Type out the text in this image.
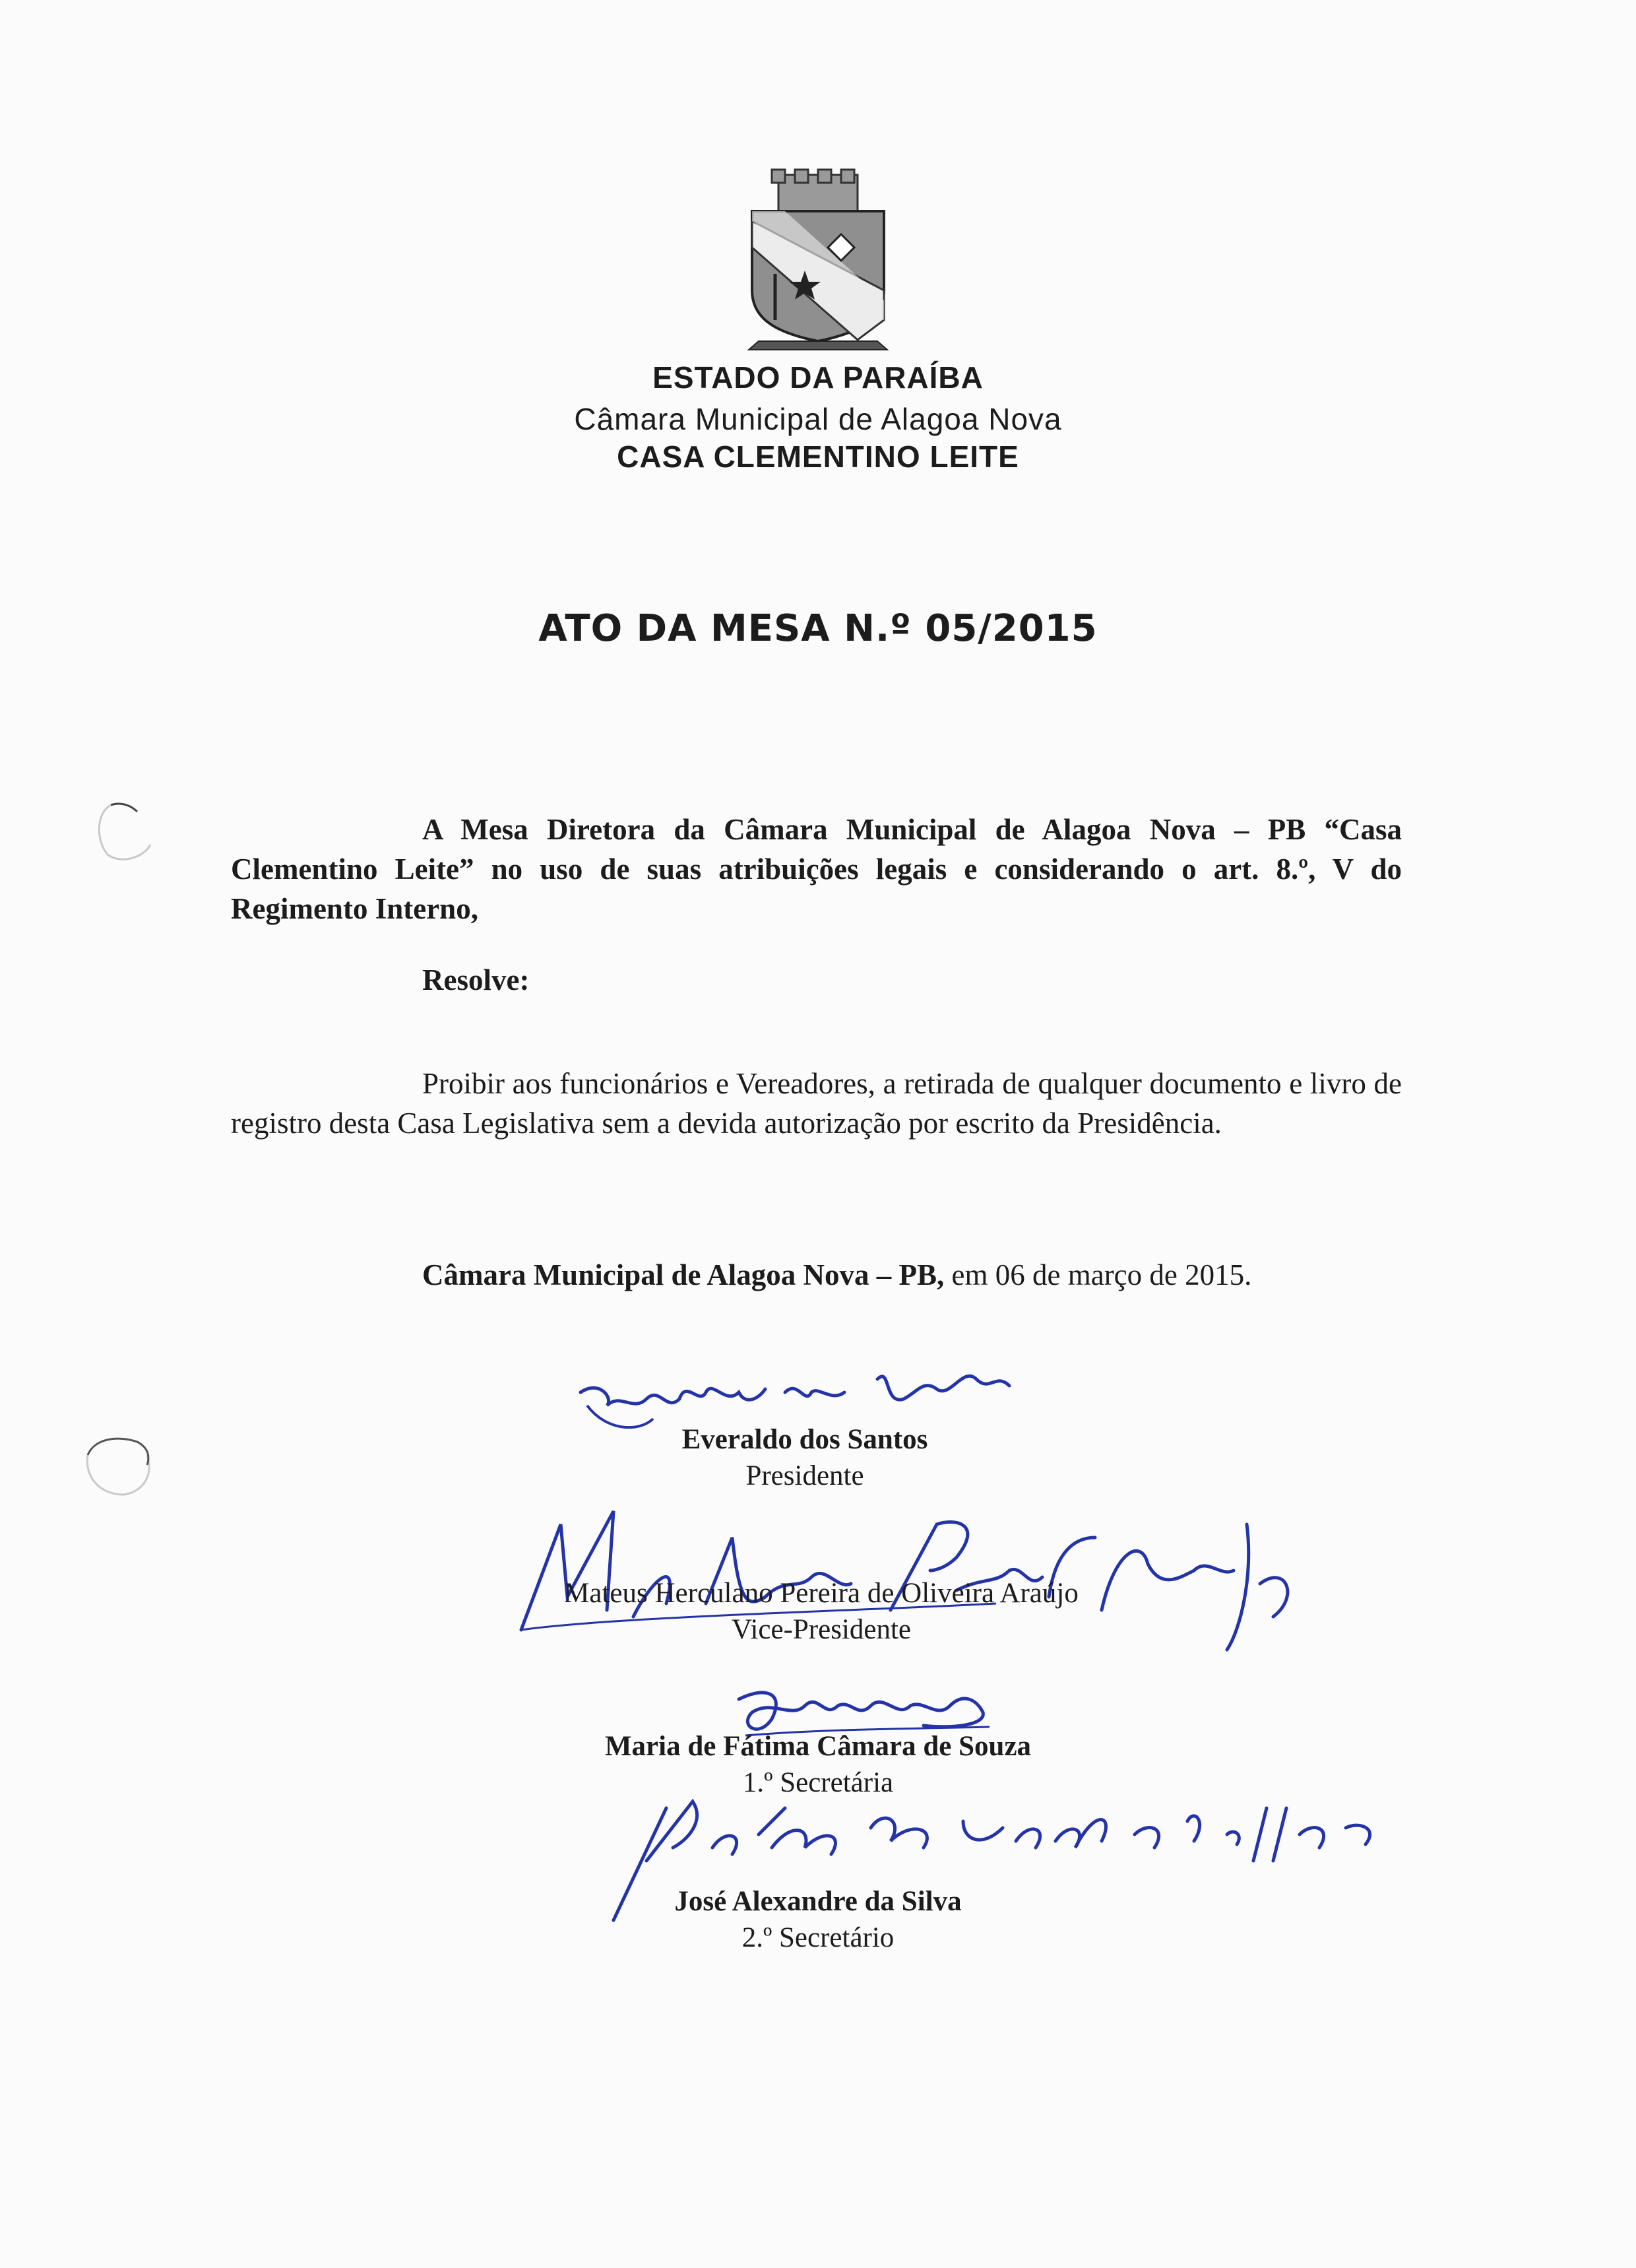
ESTADO DA PARAÍBA
Câmara Municipal de Alagoa Nova
CASA CLEMENTINO LEITE
ATO DA MESA N.º 05/2015
A Mesa Diretora da Câmara Municipal de Alagoa Nova – PB “Casa Clementino Leite” no uso de suas atribuições legais e considerando o art. 8.º, V do Regimento Interno,
Resolve:
Proibir aos funcionários e Vereadores, a retirada de qualquer documento e livro de registro desta Casa Legislativa sem a devida autorização por escrito da Presidência.
Câmara Municipal de Alagoa Nova – PB, em 06 de março de 2015.
Everaldo dos Santos
Presidente
Mateus Herculano Pereira de Oliveira Araújo
Vice-Presidente
Maria de Fátima Câmara de Souza
1.º Secretária
José Alexandre da Silva
2.º Secretário
